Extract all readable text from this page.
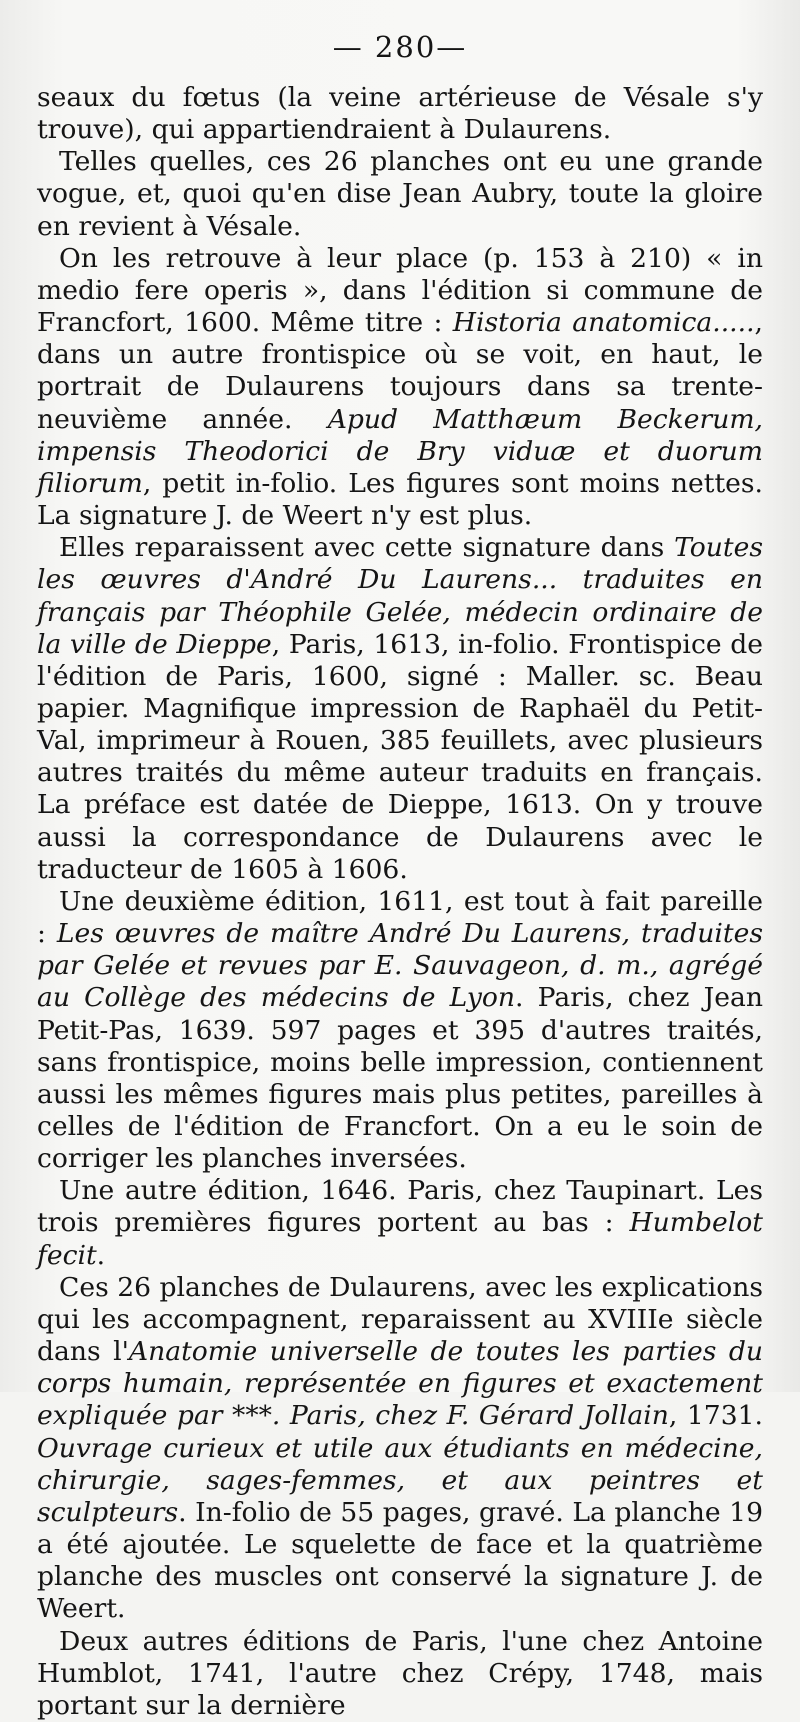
— 280—

seaux du fœtus (la veine artérieuse de Vésale s'y trouve), qui appartiendraient à Dulaurens.

Telles quelles, ces 26 planches ont eu une grande vogue, et, quoi qu'en dise Jean Aubry, toute la gloire en revient à Vésale.

On les retrouve à leur place (p. 153 à 210) « in medio fere operis », dans l'édition si commune de Francfort, 1600. Même titre : Historia anatomica....., dans un autre frontispice où se voit, en haut, le portrait de Dulaurens toujours dans sa trente-neuvième année. Apud Matthæum Beckerum, impensis Theodorici de Bry viduæ et duorum filiorum, petit in-folio. Les figures sont moins nettes. La signature J. de Weert n'y est plus.

Elles reparaissent avec cette signature dans Toutes les œuvres d'André Du Laurens... traduites en français par Théophile Gelée, médecin ordinaire de la ville de Dieppe, Paris, 1613, in-folio. Frontispice de l'édition de Paris, 1600, signé : Maller. sc. Beau papier. Magnifique impression de Raphaël du Petit-Val, imprimeur à Rouen, 385 feuillets, avec plusieurs autres traités du même auteur traduits en français. La préface est datée de Dieppe, 1613. On y trouve aussi la correspondance de Dulaurens avec le traducteur de 1605 à 1606.

Une deuxième édition, 1611, est tout à fait pareille : Les œuvres de maître André Du Laurens, traduites par Gelée et revues par E. Sauvageon, d. m., agrégé au Collège des médecins de Lyon. Paris, chez Jean Petit-Pas, 1639. 597 pages et 395 d'autres traités, sans frontispice, moins belle impression, contiennent aussi les mêmes figures mais plus petites, pareilles à celles de l'édition de Francfort. On a eu le soin de corriger les planches inversées.

Une autre édition, 1646. Paris, chez Taupinart. Les trois premières figures portent au bas : Humbelot fecit.

Ces 26 planches de Dulaurens, avec les explications qui les accompagnent, reparaissent au XVIIIe siècle dans l'Anatomie universelle de toutes les parties du corps humain, représentée en figures et exactement expliquée par ***. Paris, chez F. Gérard Jollain, 1731. Ouvrage curieux et utile aux étudiants en médecine, chirurgie, sages-femmes, et aux peintres et sculpteurs. In-folio de 55 pages, gravé. La planche 19 a été ajoutée. Le squelette de face et la quatrième planche des muscles ont conservé la signature J. de Weert.

Deux autres éditions de Paris, l'une chez Antoine Humblot, 1741, l'autre chez Crépy, 1748, mais portant sur la dernière
